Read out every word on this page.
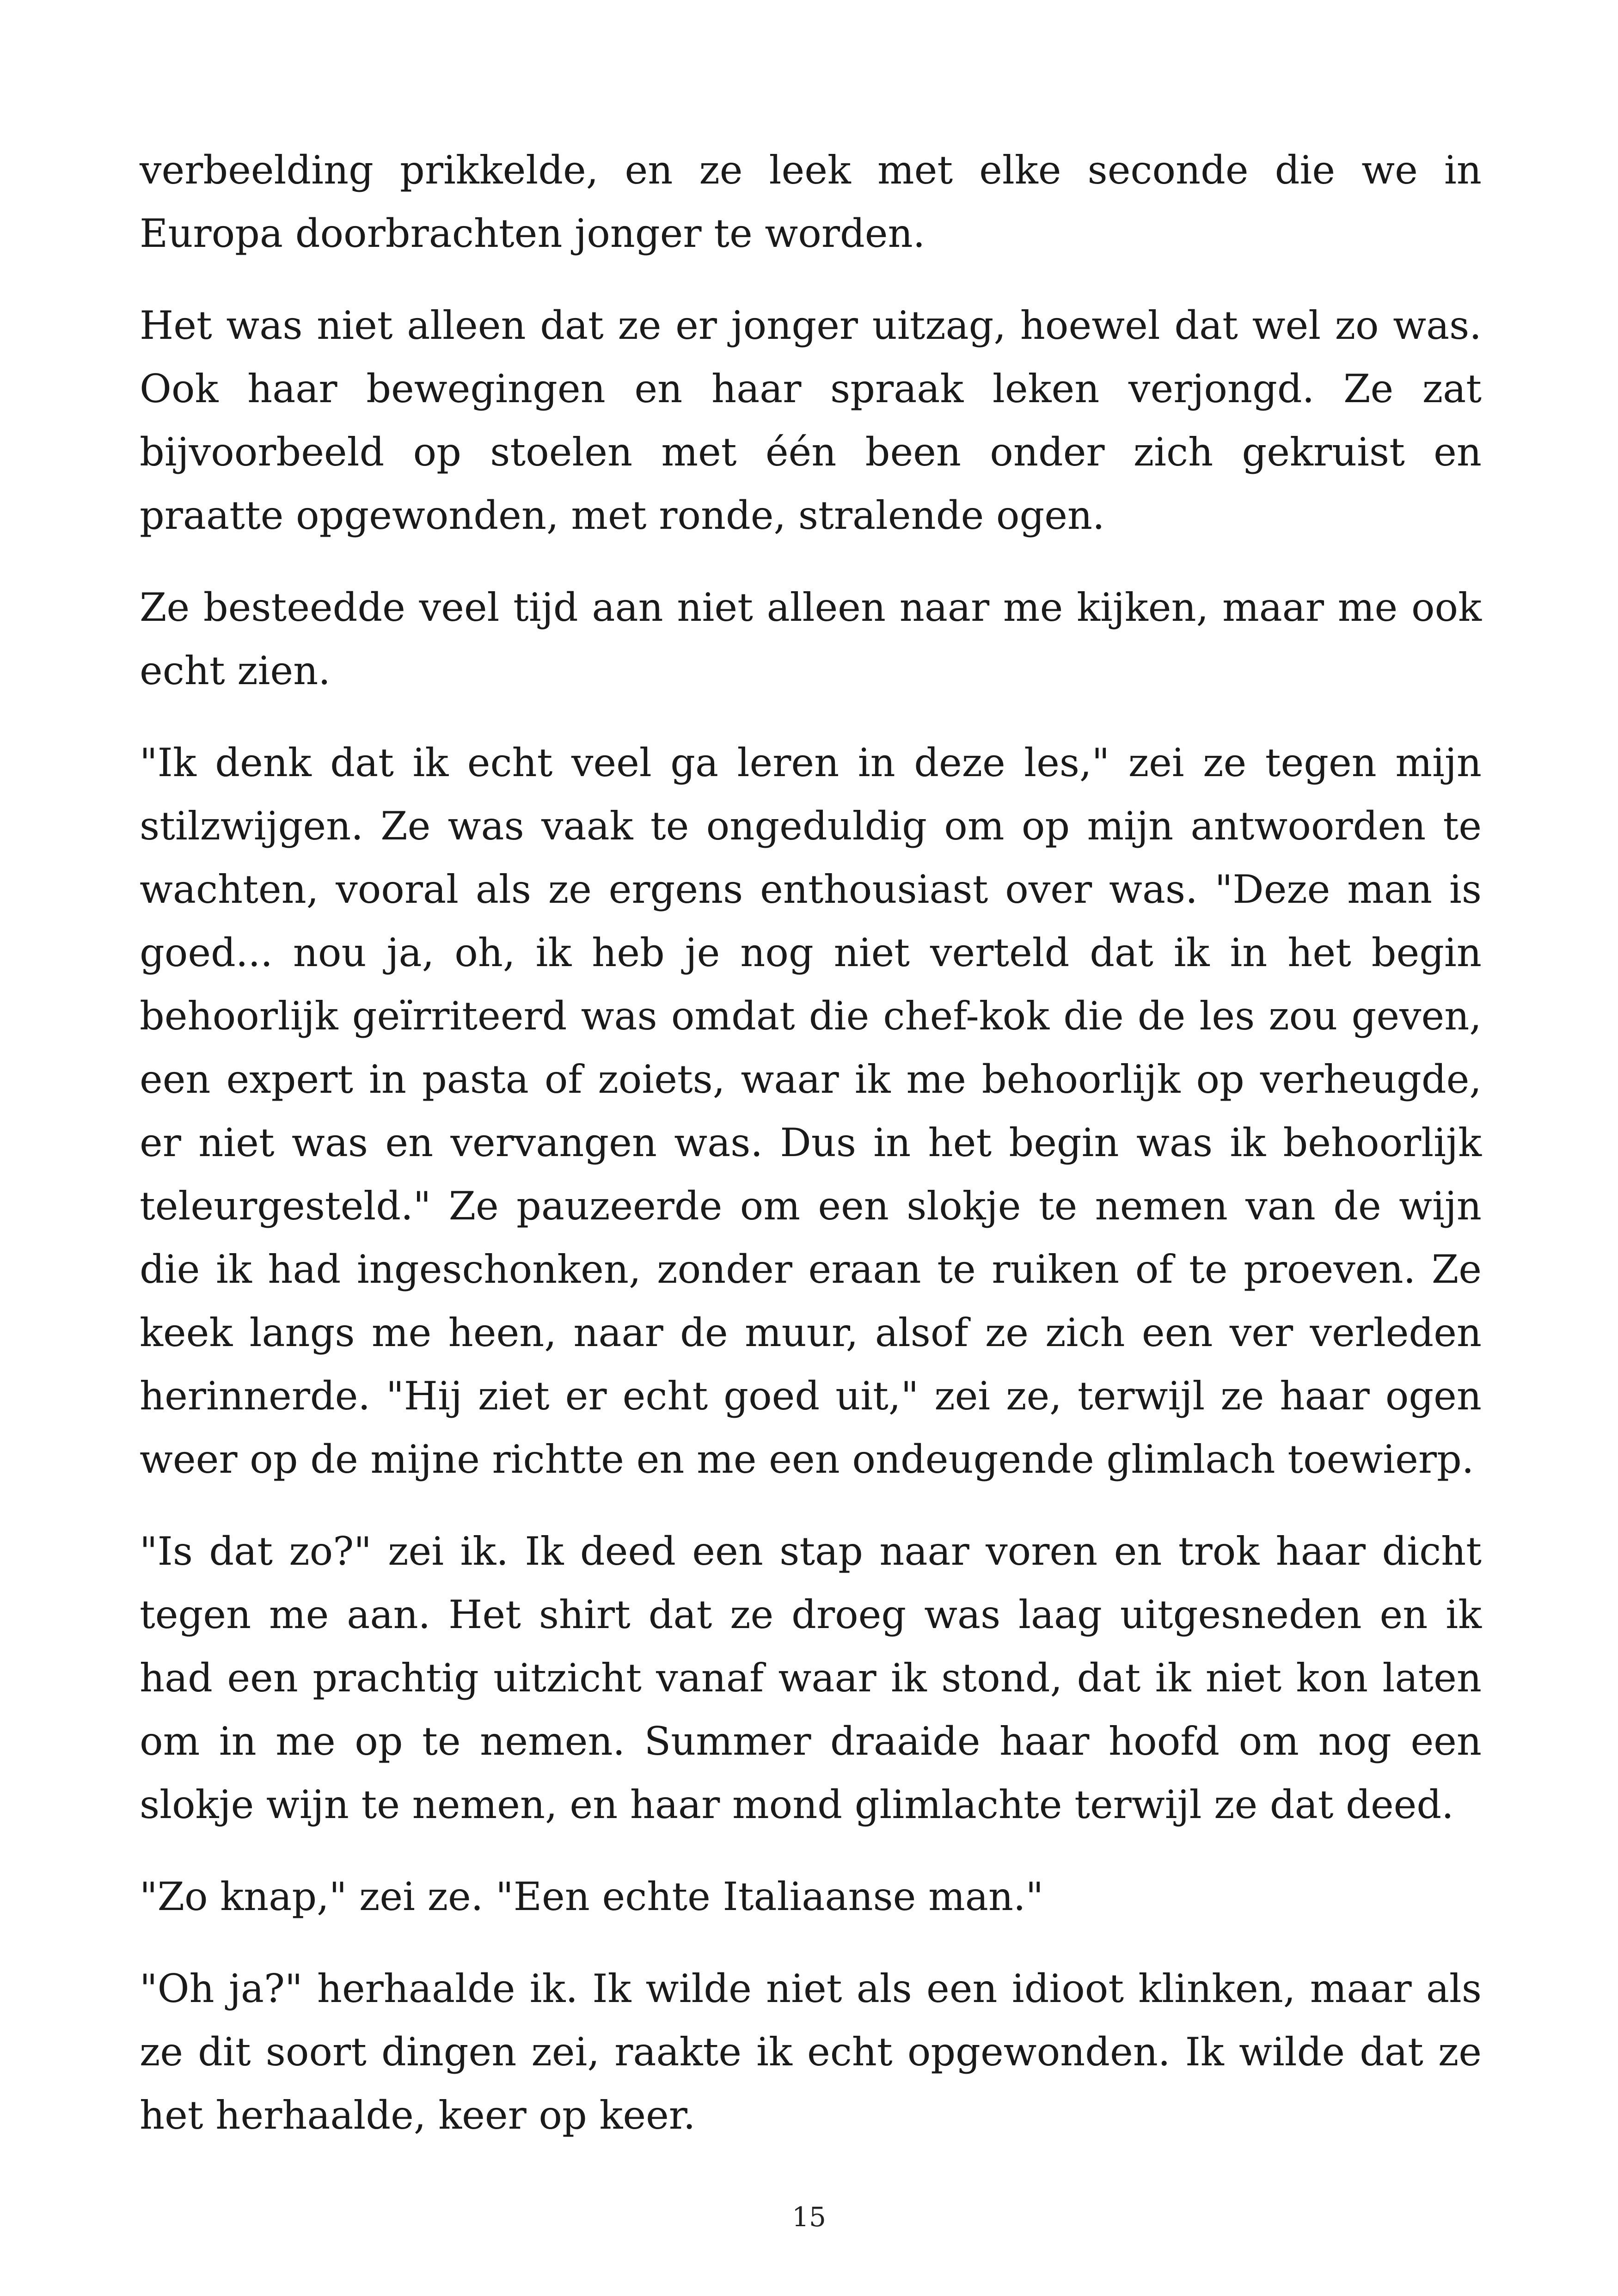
verbeelding prikkelde, en ze leek met elke seconde die we in Europa doorbrachten jonger te worden.

Het was niet alleen dat ze er jonger uitzag, hoewel dat wel zo was. Ook haar bewegingen en haar spraak leken verjongd. Ze zat bijvoorbeeld op stoelen met één been onder zich gekruist en praatte opgewonden, met ronde, stralende ogen.

Ze besteedde veel tijd aan niet alleen naar me kijken, maar me ook echt zien.

"Ik denk dat ik echt veel ga leren in deze les," zei ze tegen mijn stilzwijgen. Ze was vaak te ongeduldig om op mijn antwoorden te wachten, vooral als ze ergens enthousiast over was. "Deze man is goed... nou ja, oh, ik heb je nog niet verteld dat ik in het begin behoorlijk geïrriteerd was omdat die chef-kok die de les zou geven, een expert in pasta of zoiets, waar ik me behoorlijk op verheugde, er niet was en vervangen was. Dus in het begin was ik behoorlijk teleurgesteld." Ze pauzeerde om een slokje te nemen van de wijn die ik had ingeschonken, zonder eraan te ruiken of te proeven. Ze keek langs me heen, naar de muur, alsof ze zich een ver verleden herinnerde. "Hij ziet er echt goed uit," zei ze, terwijl ze haar ogen weer op de mijne richtte en me een ondeugende glimlach toewierp.

"Is dat zo?" zei ik. Ik deed een stap naar voren en trok haar dicht tegen me aan. Het shirt dat ze droeg was laag uitgesneden en ik had een prachtig uitzicht vanaf waar ik stond, dat ik niet kon laten om in me op te nemen. Summer draaide haar hoofd om nog een slokje wijn te nemen, en haar mond glimlachte terwijl ze dat deed.

"Zo knap," zei ze. "Een echte Italiaanse man."

"Oh ja?" herhaalde ik. Ik wilde niet als een idioot klinken, maar als ze dit soort dingen zei, raakte ik echt opgewonden. Ik wilde dat ze het herhaalde, keer op keer.

15
